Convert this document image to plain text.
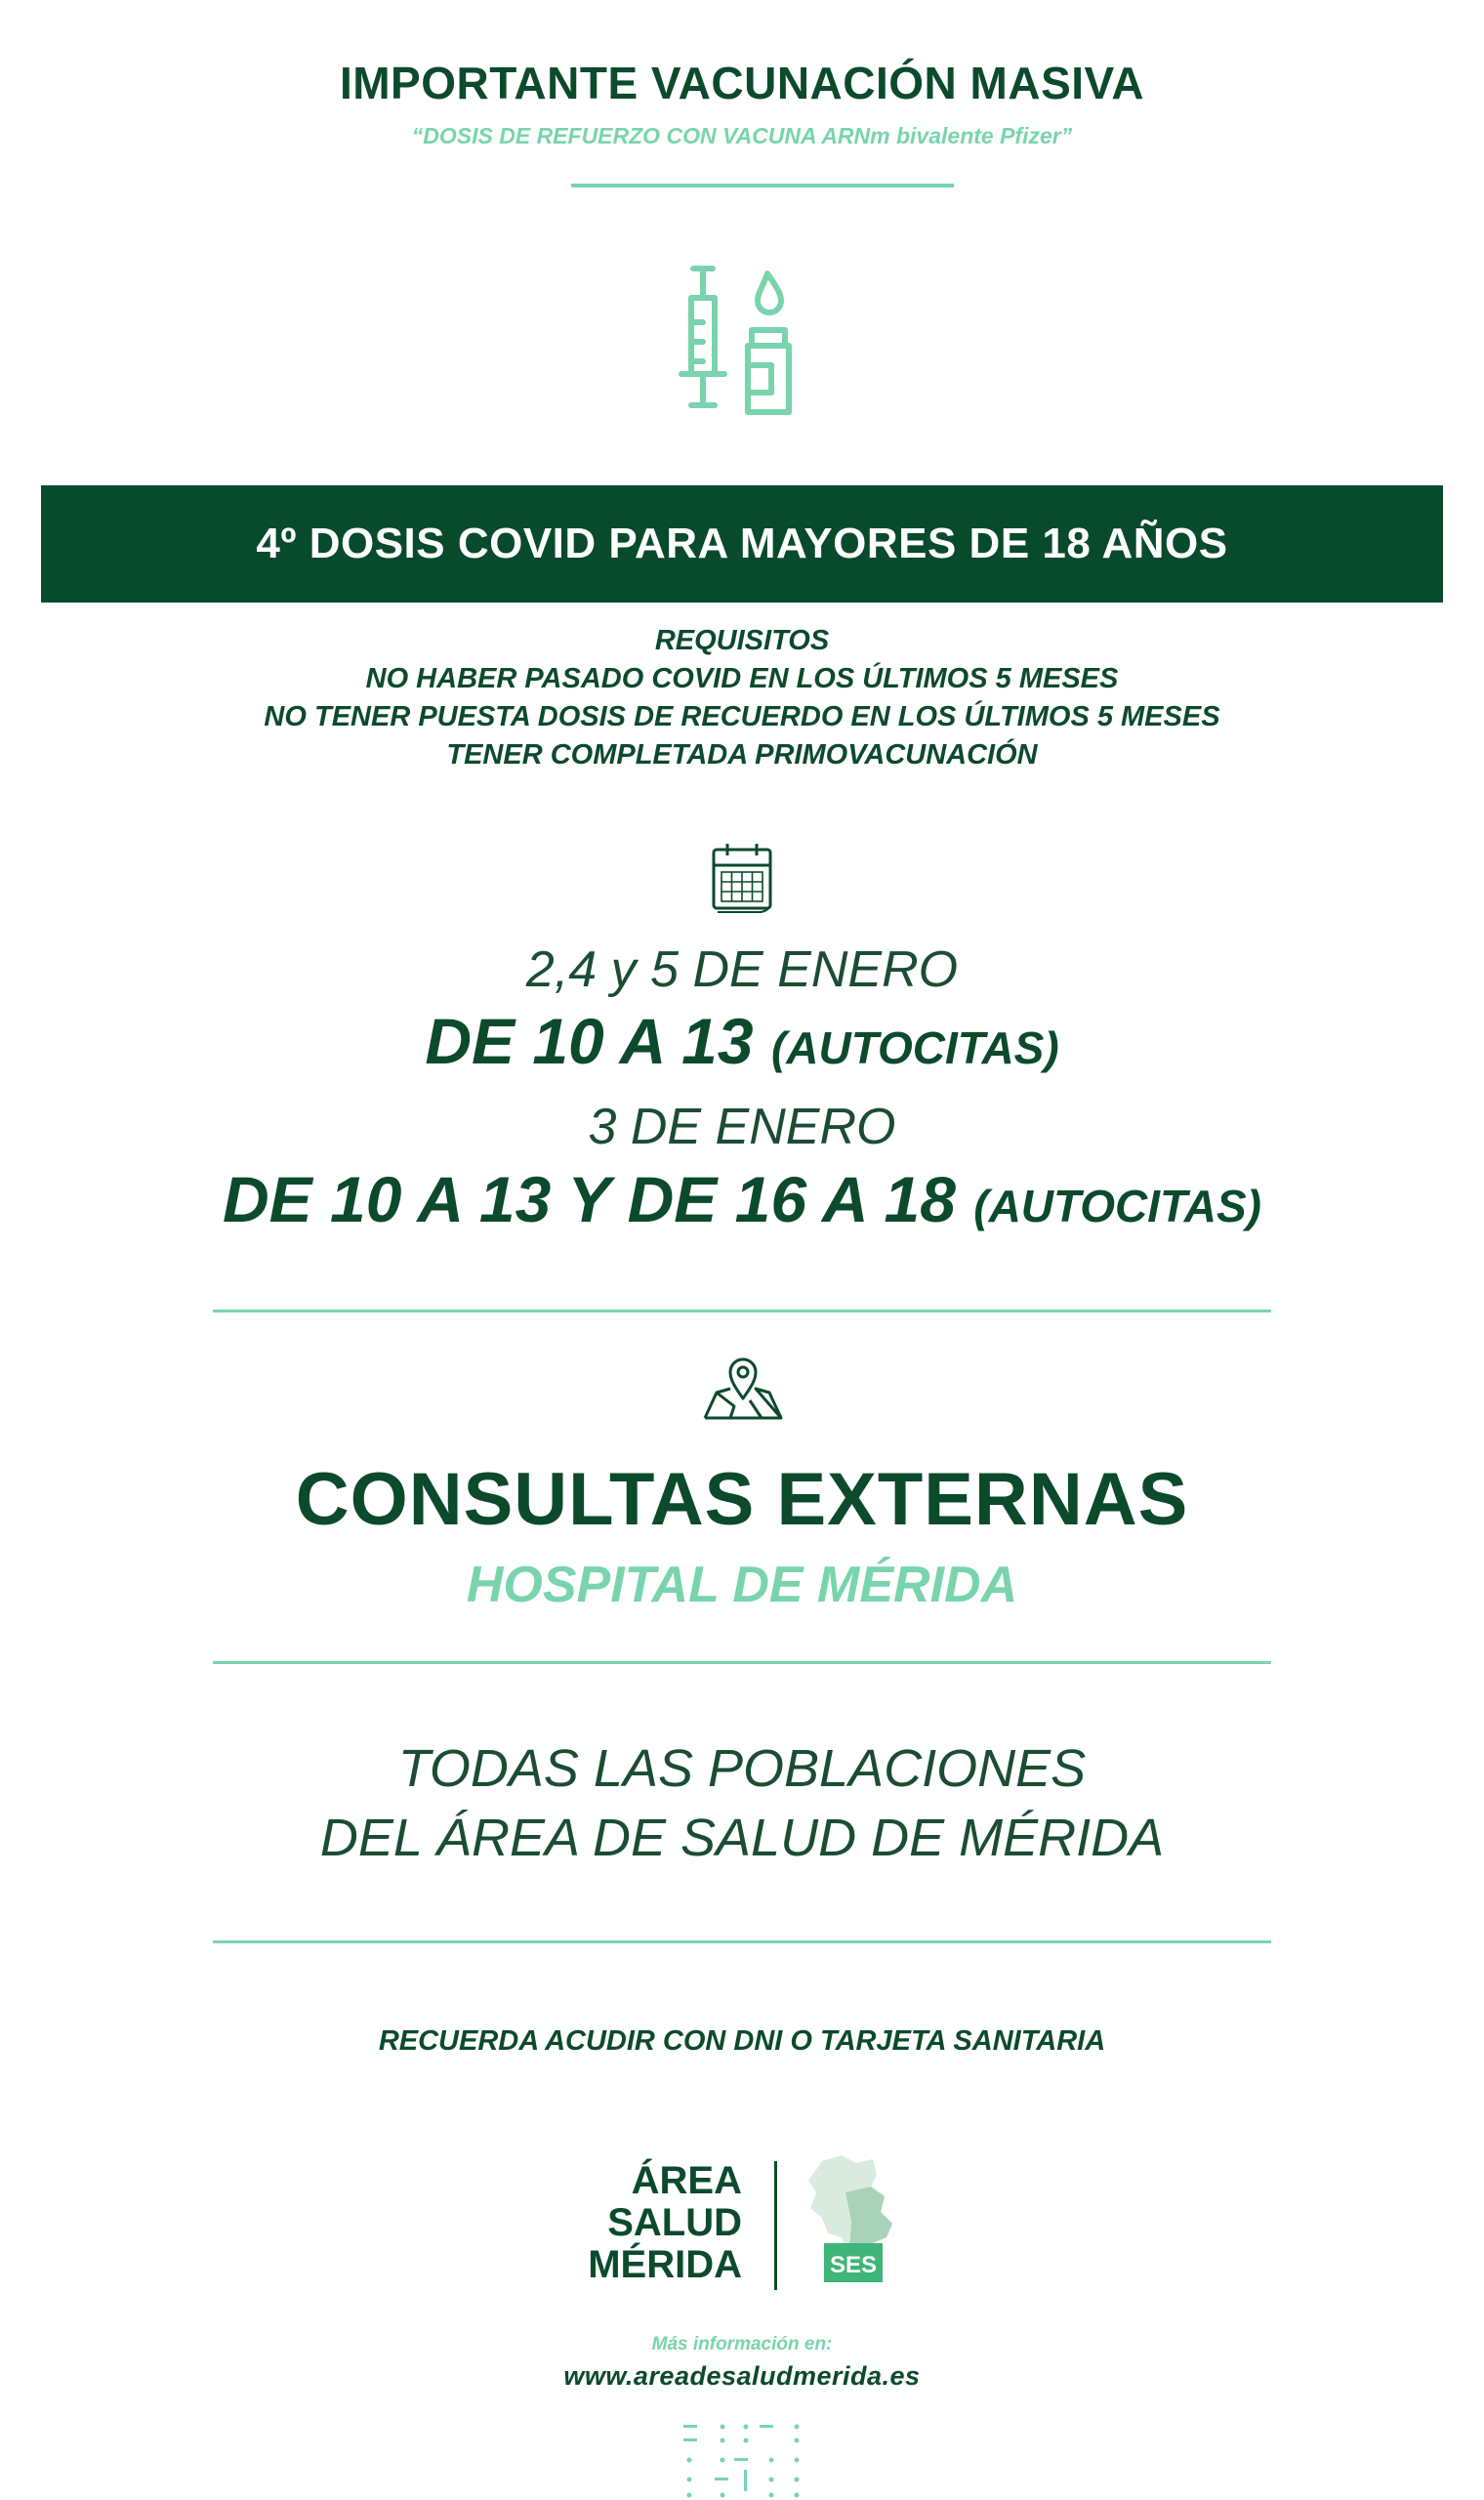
IMPORTANTE VACUNACIÓN MASIVA
“DOSIS DE REFUERZO CON VACUNA ARNm bivalente Pfizer”
4º DOSIS COVID PARA MAYORES DE 18 AÑOS
REQUISITOS
NO HABER PASADO COVID EN LOS ÚLTIMOS 5 MESES
NO TENER PUESTA DOSIS DE RECUERDO EN LOS ÚLTIMOS 5 MESES
TENER COMPLETADA PRIMOVACUNACIÓN
2,4 y 5 DE ENERO
DE 10 A 13 (AUTOCITAS)
3 DE ENERO
DE 10 A 13 Y DE 16 A 18 (AUTOCITAS)
CONSULTAS EXTERNAS
HOSPITAL DE MÉRIDA
TODAS LAS POBLACIONES
DEL ÁREA DE SALUD DE MÉRIDA
RECUERDA ACUDIR CON DNI O TARJETA SANITARIA
ÁREA
SALUD
MÉRIDA	SES
Más información en:
www.areadesaludmerida.es
